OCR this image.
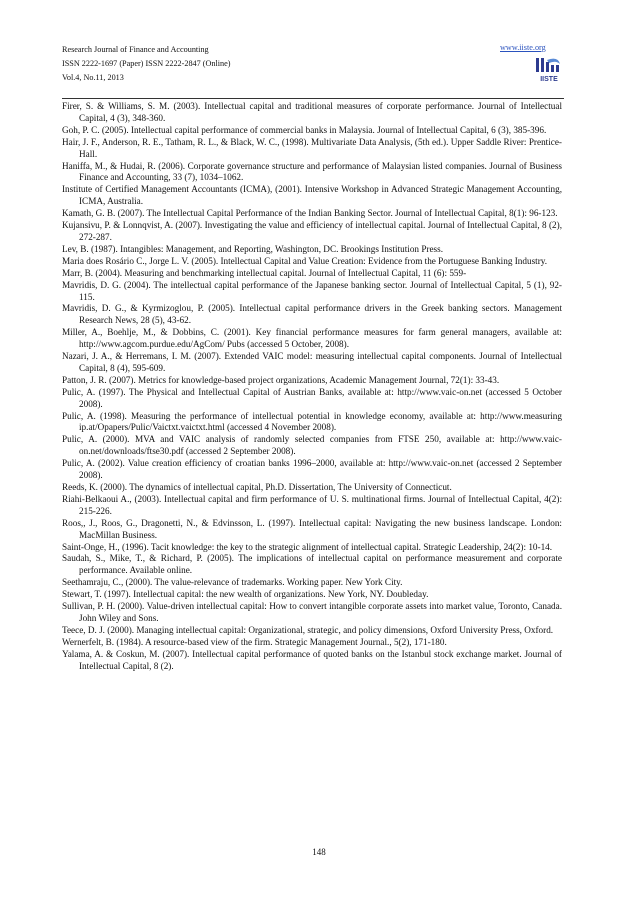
Research Journal of Finance and Accounting
ISSN 2222-1697 (Paper) ISSN 2222-2847 (Online)
Vol.4, No.11, 2013
www.iiste.org
IISTE
Firer, S. & Williams, S. M. (2003). Intellectual capital and traditional measures of corporate performance. Journal of Intellectual Capital, 4 (3), 348-360.
Goh, P. C. (2005). Intellectual capital performance of commercial banks in Malaysia. Journal of Intellectual Capital, 6 (3), 385-396.
Hair, J. F., Anderson, R. E., Tatham, R. L., & Black, W. C., (1998). Multivariate Data Analysis, (5th ed.). Upper Saddle River: Prentice-Hall.
Haniffa, M., & Hudai, R. (2006). Corporate governance structure and performance of Malaysian listed companies. Journal of Business Finance and Accounting, 33 (7), 1034–1062.
Institute of Certified Management Accountants (ICMA), (2001). Intensive Workshop in Advanced Strategic Management Accounting, ICMA, Australia.
Kamath, G. B. (2007). The Intellectual Capital Performance of the Indian Banking Sector. Journal of Intellectual Capital, 8(1): 96-123.
Kujansivu, P. & Lonnqvist, A. (2007). Investigating the value and efficiency of intellectual capital. Journal of Intellectual Capital, 8 (2), 272-287.
Lev, B. (1987). Intangibles: Management, and Reporting, Washington, DC. Brookings Institution Press.
Maria does Rosário C., Jorge L. V. (2005). Intellectual Capital and Value Creation: Evidence from the Portuguese Banking Industry.
Marr, B. (2004). Measuring and benchmarking intellectual capital. Journal of Intellectual Capital, 11 (6): 559-
Mavridis, D. G. (2004). The intellectual capital performance of the Japanese banking sector. Journal of Intellectual Capital, 5 (1), 92-115.
Mavridis, D. G., & Kyrmizoglou, P. (2005). Intellectual capital performance drivers in the Greek banking sectors. Management Research News, 28 (5), 43-62.
Miller, A., Boehlje, M., & Dobbins, C. (2001). Key financial performance measures for farm general managers, available at: http://www.agcom.purdue.edu/AgCom/ Pubs (accessed 5 October, 2008).
Nazari, J. A., & Herremans, I. M. (2007). Extended VAIC model: measuring intellectual capital components. Journal of Intellectual Capital, 8 (4), 595-609.
Patton, J. R. (2007). Metrics for knowledge-based project organizations, Academic Management Journal, 72(1): 33-43.
Pulic, A. (1997). The Physical and Intellectual Capital of Austrian Banks, available at: http://www.vaic-on.net (accessed 5 October 2008).
Pulic, A. (1998). Measuring the performance of intellectual potential in knowledge economy, available at: http://www.measuring ip.at/Opapers/Pulic/Vaictxt.vaictxt.html (accessed 4 November 2008).
Pulic, A. (2000). MVA and VAIC analysis of randomly selected companies from FTSE 250, available at: http://www.vaic-on.net/downloads/ftse30.pdf (accessed 2 September 2008).
Pulic, A. (2002). Value creation efficiency of croatian banks 1996–2000, available at: http://www.vaic-on.net (accessed 2 September 2008).
Reeds, K. (2000). The dynamics of intellectual capital, Ph.D. Dissertation, The University of Connecticut.
Riahi-Belkaoui A., (2003). Intellectual capital and firm performance of U. S. multinational firms. Journal of Intellectual Capital, 4(2): 215-226.
Roos,, J., Roos, G., Dragonetti, N., & Edvinsson, L. (1997). Intellectual capital: Navigating the new business landscape. London: MacMillan Business.
Saint-Onge, H., (1996). Tacit knowledge: the key to the strategic alignment of intellectual capital. Strategic Leadership, 24(2): 10-14.
Saudah, S., Mike, T., & Richard, P. (2005). The implications of intellectual capital on performance measurement and corporate performance. Available online.
Seethamraju, C., (2000). The value-relevance of trademarks. Working paper. New York City.
Stewart, T. (1997). Intellectual capital: the new wealth of organizations. New York, NY. Doubleday.
Sullivan, P. H. (2000). Value-driven intellectual capital: How to convert intangible corporate assets into market value, Toronto, Canada. John Wiley and Sons.
Teece, D. J. (2000). Managing intellectual capital: Organizational, strategic, and policy dimensions, Oxford University Press, Oxford.
Wernerfelt, B. (1984). A resource-based view of the firm. Strategic Management Journal., 5(2), 171-180.
Yalama, A. & Coskun, M. (2007). Intellectual capital performance of quoted banks on the Istanbul stock exchange market. Journal of Intellectual Capital, 8 (2).
148
